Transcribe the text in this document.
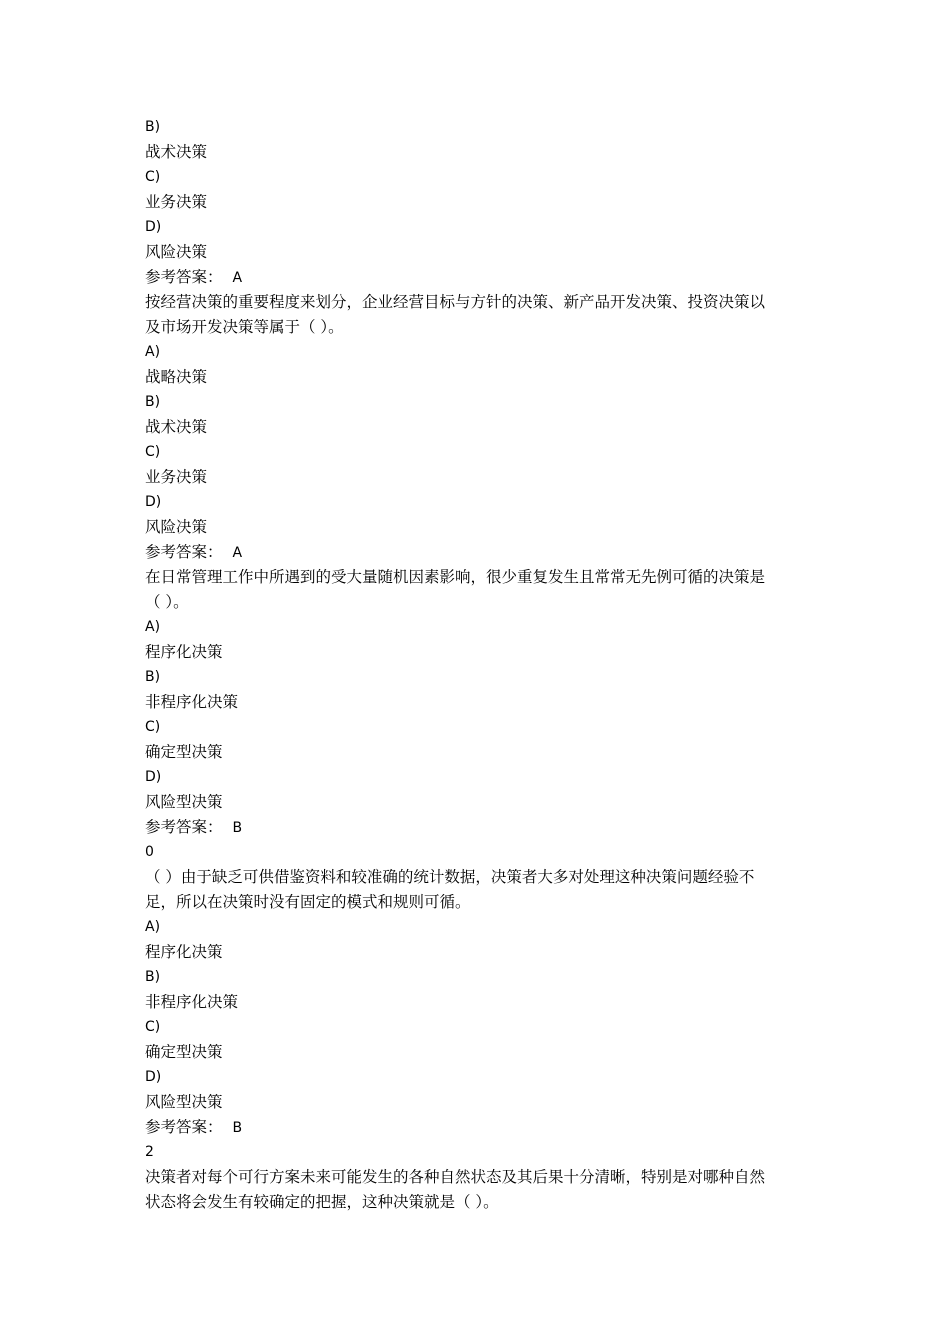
B)
战术决策
C)
业务决策
D)
风险决策
参考答案： A
按经营决策的重要程度来划分，企业经营目标与方针的决策、新产品开发决策、投资决策以
及市场开发决策等属于（ ）。
A)
战略决策
B)
战术决策
C)
业务决策
D)
风险决策
参考答案： A
在日常管理工作中所遇到的受大量随机因素影响，很少重复发生且常常无先例可循的决策是
（ ）。
A)
程序化决策
B)
非程序化决策
C)
确定型决策
D)
风险型决策
参考答案： B
0
（ ）由于缺乏可供借鉴资料和较准确的统计数据，决策者大多对处理这种决策问题经验不
足，所以在决策时没有固定的模式和规则可循。
A)
程序化决策
B)
非程序化决策
C)
确定型决策
D)
风险型决策
参考答案： B
2
决策者对每个可行方案未来可能发生的各种自然状态及其后果十分清晰，特别是对哪种自然
状态将会发生有较确定的把握，这种决策就是（ ）。
